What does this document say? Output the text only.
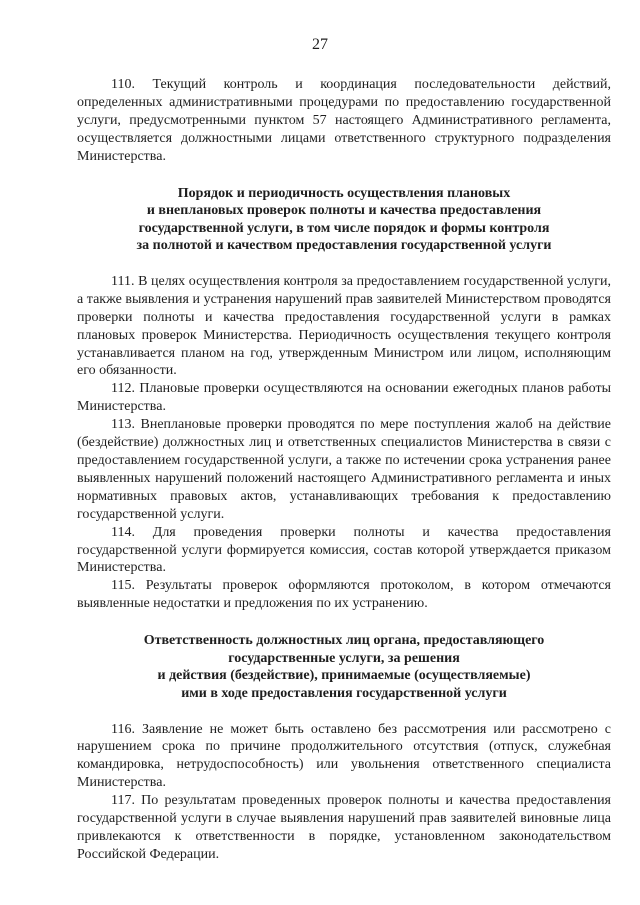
27

110. Текущий контроль и координация последовательности действий, определенных административными процедурами по предоставлению государственной услуги, предусмотренными пунктом 57 настоящего Административного регламента, осуществляется должностными лицами ответственного структурного подразделения Министерства.

Порядок и периодичность осуществления плановых
и внеплановых проверок полноты и качества предоставления
государственной услуги, в том числе порядок и формы контроля
за полнотой и качеством предоставления государственной услуги

111. В целях осуществления контроля за предоставлением государственной услуги, а также выявления и устранения нарушений прав заявителей Министерством проводятся проверки полноты и качества предоставления государственной услуги в рамках плановых проверок Министерства. Периодичность осуществления текущего контроля устанавливается планом на год, утвержденным Министром или лицом, исполняющим его обязанности.

112. Плановые проверки осуществляются на основании ежегодных планов работы Министерства.

113. Внеплановые проверки проводятся по мере поступления жалоб на действие (бездействие) должностных лиц и ответственных специалистов Министерства в связи с предоставлением государственной услуги, а также по истечении срока устранения ранее выявленных нарушений положений настоящего Административного регламента и иных нормативных правовых актов, устанавливающих требования к предоставлению государственной услуги.

114. Для проведения проверки полноты и качества предоставления государственной услуги формируется комиссия, состав которой утверждается приказом Министерства.

115. Результаты проверок оформляются протоколом, в котором отмечаются выявленные недостатки и предложения по их устранению.

Ответственность должностных лиц органа, предоставляющего
государственные услуги, за решения
и действия (бездействие), принимаемые (осуществляемые)
ими в ходе предоставления государственной услуги

116. Заявление не может быть оставлено без рассмотрения или рассмотрено с нарушением срока по причине продолжительного отсутствия (отпуск, служебная командировка, нетрудоспособность) или увольнения ответственного специалиста Министерства.

117. По результатам проведенных проверок полноты и качества предоставления государственной услуги в случае выявления нарушений прав заявителей виновные лица привлекаются к ответственности в порядке, установленном законодательством Российской Федерации.
